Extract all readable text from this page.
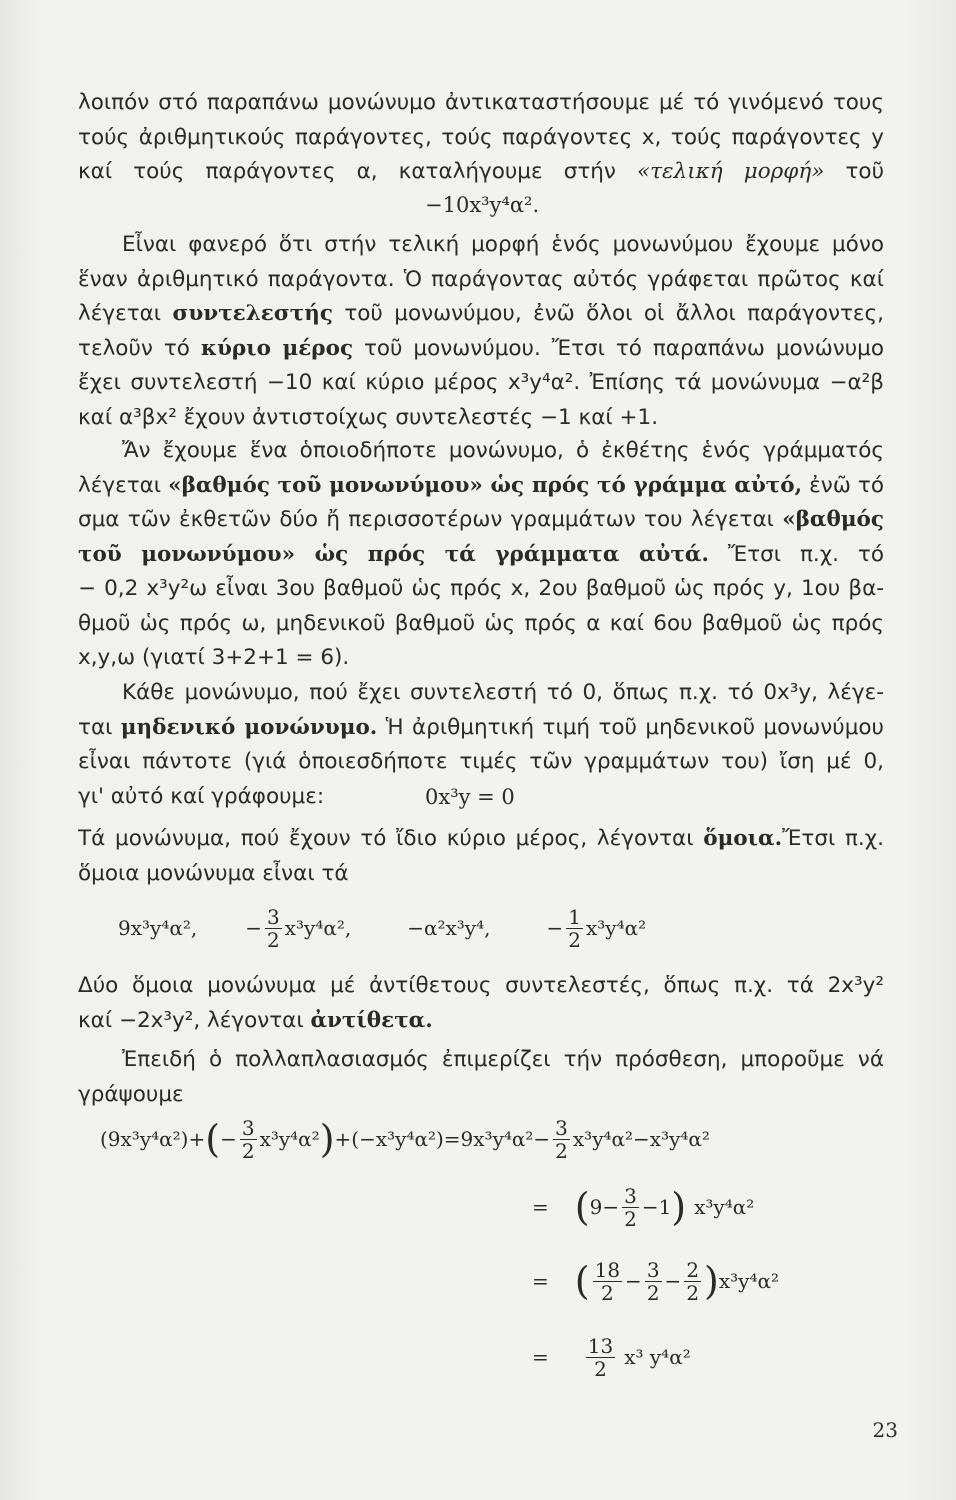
λοιπόν στό παραπάνω μονώνυμο ἀντικαταστήσουμε μέ τό γινόμενό τους
τούς ἀριθμητικούς παράγοντες, τούς παράγοντες x, τούς παράγοντες y
καί τούς παράγοντες α, καταλήγουμε στήν «τελική μορφή» τοῦ
−10x³y⁴α².
Εἶναι φανερό ὅτι στήν τελική μορφή ἑνός μονωνύμου ἔχουμε μόνο
ἕναν ἀριθμητικό παράγοντα. Ὁ παράγοντας αὐτός γράφεται πρῶτος καί
λέγεται συντελεστής τοῦ μονωνύμου, ἐνῶ ὅλοι οἱ ἄλλοι παράγοντες,
τελοῦν τό κύριο μέρος τοῦ μονωνύμου. Ἔτσι τό παραπάνω μονώνυμο
ἔχει συντελεστή −10 καί κύριο μέρος x³y⁴α². Ἐπίσης τά μονώνυμα −α²β
καί α³βx² ἔχουν ἀντιστοίχως συντελεστές −1 καί +1.
Ἄν ἔχουμε ἕνα ὁποιοδήποτε μονώνυμο, ὁ ἐκθέτης ἑνός γράμματός
λέγεται «βαθμός τοῦ μονωνύμου» ὡς πρός τό γράμμα αὐτό, ἐνῶ τό
σμα τῶν ἐκθετῶν δύο ἤ περισσοτέρων γραμμάτων του λέγεται «βαθμός
τοῦ μονωνύμου» ὡς πρός τά γράμματα αὐτά. Ἔτσι π.χ. τό
− 0,2 x³y²ω εἶναι 3ου βαθμοῦ ὡς πρός x, 2ου βαθμοῦ ὡς πρός y, 1ου βα-
θμοῦ ὡς πρός ω, μηδενικοῦ βαθμοῦ ὡς πρός α καί 6ου βαθμοῦ ὡς πρός
x,y,ω (γιατί 3+2+1 = 6).
Κάθε μονώνυμο, πού ἔχει συντελεστή τό 0, ὅπως π.χ. τό 0x³y, λέγε-
ται μηδενικό μονώνυμο. Ἡ ἀριθμητική τιμή τοῦ μηδενικοῦ μονωνύμου
εἶναι πάντοτε (γιά ὁποιεσδήποτε τιμές τῶν γραμμάτων του) ἴση μέ 0,
γι' αὐτό καί γράφουμε:	0x³y = 0
Τά μονώνυμα, πού ἔχουν τό ἴδιο κύριο μέρος, λέγονται ὅμοια.Ἔτσι π.χ.
ὅμοια μονώνυμα εἶναι τά
9x³y⁴α², − $\frac{3}{2} x^3y^4\alpha^2$,	−α²x³y⁴,	− $\frac{1}{2} x^3y^4\alpha^2$
Δύο ὅμοια μονώνυμα μέ ἀντίθετους συντελεστές, ὅπως π.χ. τά 2x³y²
καί −2x³y², λέγονται ἀντίθετα.
Ἐπειδή ὁ πολλαπλασιασμός ἐπιμερίζει τήν πρόσθεση, μποροῦμε νά
γράψουμε
(9x³y⁴α²)+ ( − $\frac{3}{2} x^3y^4\alpha^2$ ) $+(-x^3y^4\alpha^2)=9x^3y^4\alpha^2- \frac{3}{2} x^3y^4\alpha^2-x^3y^4\alpha^2$
= ( $9- \frac{3}{2} -1$ ) x³y⁴α²
= ( $\frac{18}{2} - \frac{3}{2} - \frac{2}{2}$ ) x³y⁴α²
= $\frac{13}{2} x^3$ y⁴α²
23
